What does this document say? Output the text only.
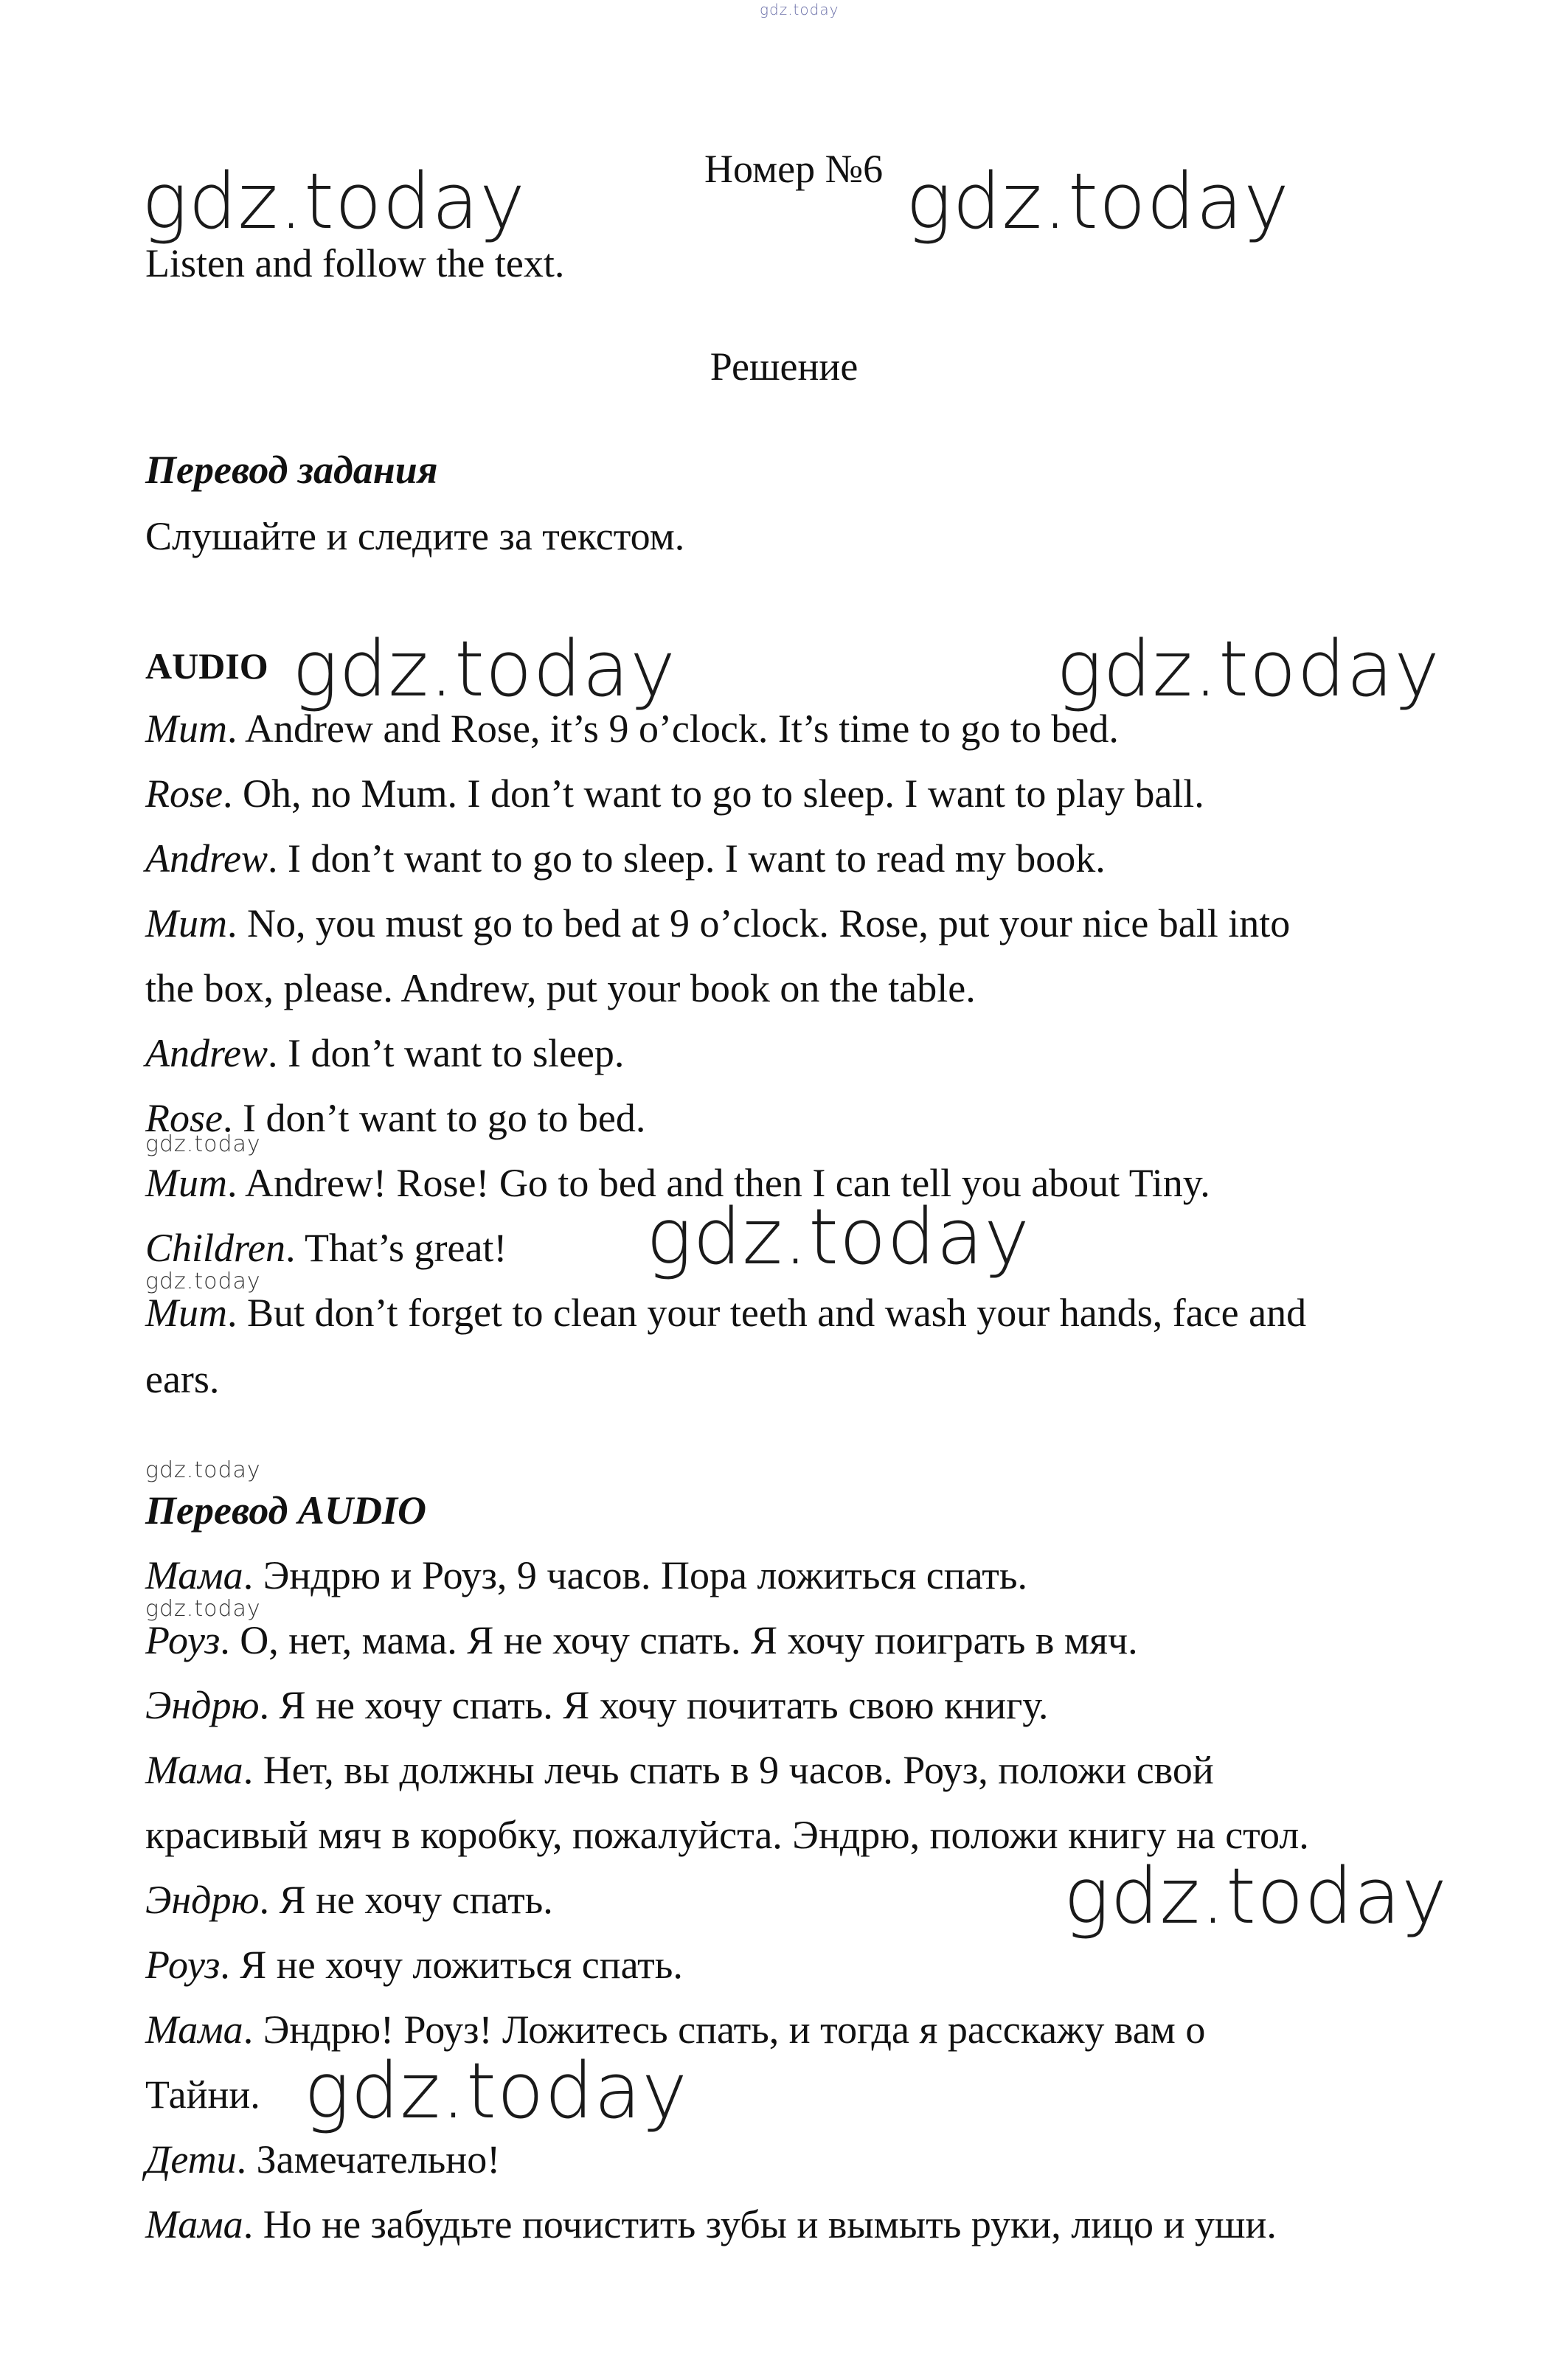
gdz.today
gdz.today	gdz.today
gdz.today	gdz.today
gdz.today
gdz.today
gdz.today
gdz.today
gdz.today
gdz.today
gdz.today
Номер №6
Listen and follow the text.
Решение
Перевод задания
Слушайте и следите за текстом.
AUDIO
Mum. Andrew and Rose, it’s 9 o’clock. It’s time to go to bed.
Rose. Oh, no Mum. I don’t want to go to sleep. I want to play ball.
Andrew. I don’t want to go to sleep. I want to read my book.
Mum. No, you must go to bed at 9 o’clock. Rose, put your nice ball into
the box, please. Andrew, put your book on the table.
Andrew. I don’t want to sleep.
Rose. I don’t want to go to bed.
Mum. Andrew! Rose! Go to bed and then I can tell you about Tiny.
Children. That’s great!
Mum. But don’t forget to clean your teeth and wash your hands, face and
ears.
Перевод AUDIO
Мама. Эндрю и Роуз, 9 часов. Пора ложиться спать.
Роуз. О, нет, мама. Я не хочу спать. Я хочу поиграть в мяч.
Эндрю. Я не хочу спать. Я хочу почитать свою книгу.
Мама. Нет, вы должны лечь спать в 9 часов. Роуз, положи свой
красивый мяч в коробку, пожалуйста. Эндрю, положи книгу на стол.
Эндрю. Я не хочу спать.
Роуз. Я не хочу ложиться спать.
Мама. Эндрю! Роуз! Ложитесь спать, и тогда я расскажу вам о
Тайни.
Дети. Замечательно!
Мама. Но не забудьте почистить зубы и вымыть руки, лицо и уши.
